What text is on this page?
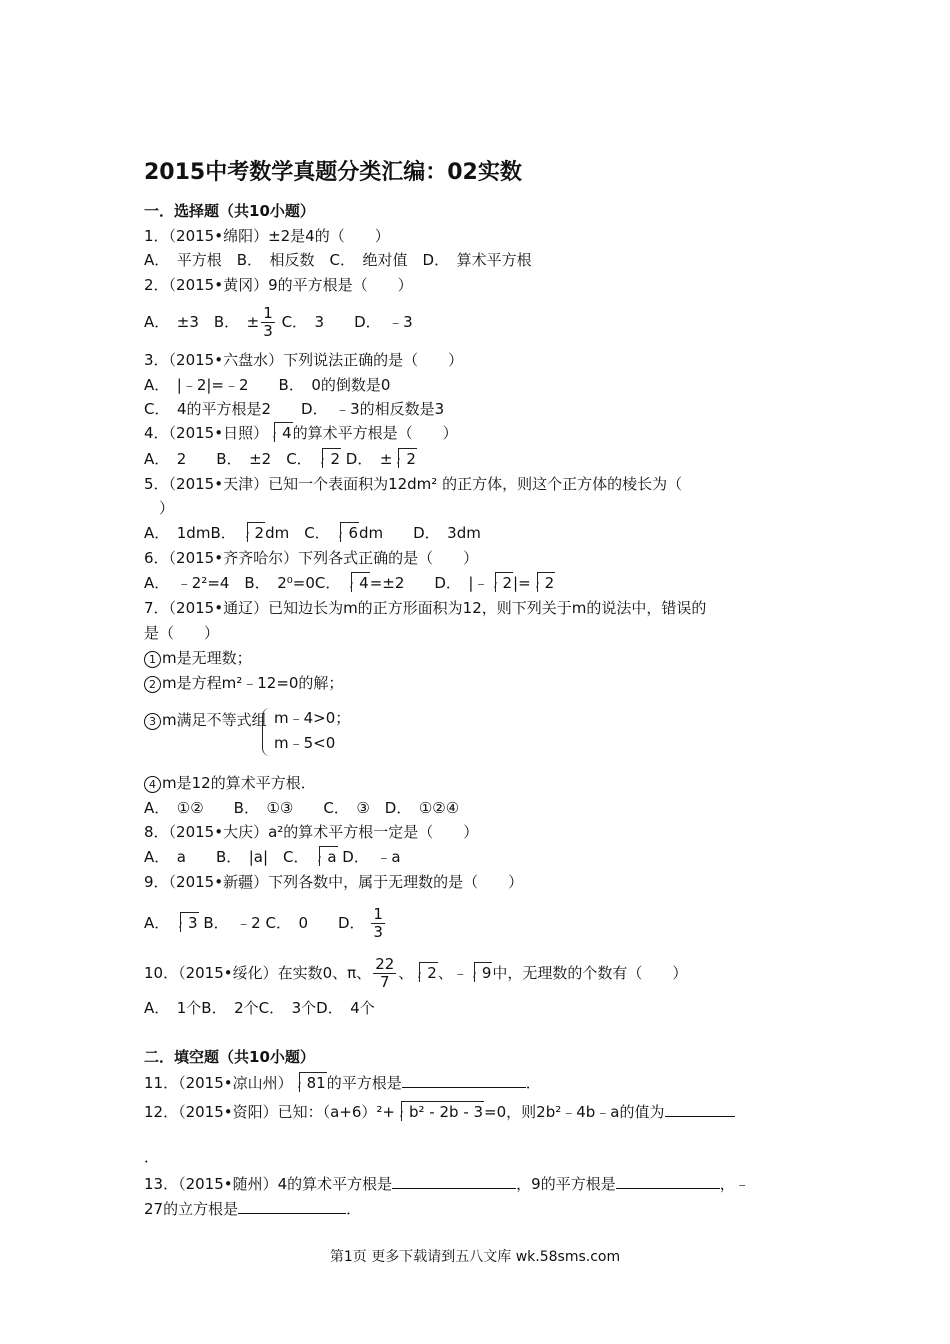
2015中考数学真题分类汇编：02实数
一．选择题（共10小题）
1．（2015•绵阳）±2是4的（　　）
A．　平方根　B．　相反数　C．　绝对值　D．　算术平方根
2．（2015•黄冈）9的平方根是（　　）
A．　±3　B．　± $\frac{1}{3}$ C．　3　　D．　﹣3
3．（2015•六盘水）下列说法正确的是（　　）
A．　|﹣2|=﹣2　　B．　0的倒数是0
C．　4的平方根是2　　D．　﹣3的相反数是3
4．（2015•日照） 4的算术平方根是（　　）
A．　2　　B．　±2　C． 2 D．　± 2
5．（2015•天津）已知一个表面积为12dm² 的正方体，则这个正方体的棱长为（
　）
A．　1dmB． 2dm　C． 6dm　　D．　3dm
6．（2015•齐齐哈尔）下列各式正确的是（　　）
A．　﹣2²=4　B．　2⁰=0C． 4=±2　　D．　|﹣ 2|= 2
7．（2015•通辽）已知边长为m的正方形面积为12，则下列关于m的说法中，错误的
是（　　）
1 m是无理数；
2 m是方程m²﹣12=0的解；
3 m满足不等式组 m﹣4>0；
m﹣5<0
4 m是12的算术平方根．
A．　①②　　B．　①③　　C．　③　D．　①②④
8．（2015•大庆）a²的算术平方根一定是（　　）
A．　a　　B．　|a|　C． a D．　﹣a
9．（2015•新疆）下列各数中，属于无理数的是（　　）
A． 3 B．　﹣2 C．　0　　D． $\frac{1}{3}$
10．（2015•绥化）在实数0、π、 $\frac{22}{7}$ 、 2、﹣ 9中，无理数的个数有（　　）
A．　1个B．　2个C．　3个D．　4个
二．填空题（共10小题）
11．（2015•凉山州） 81的平方根是	．
12．（2015•资阳）已知：（a+6）²+ b² - 2b - 3=0，则2b²﹣4b﹣a的值为
．
13．（2015•随州）4的算术平方根是	，9的平方根是	，﹣
27的立方根是	．
第1页 更多下载请到五八文库 wk.58sms.com
